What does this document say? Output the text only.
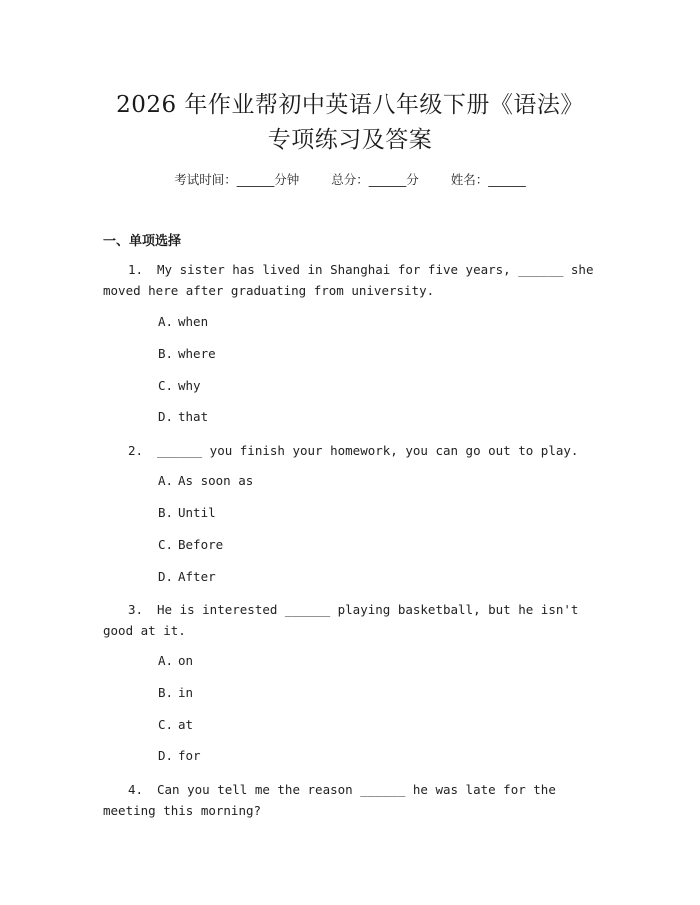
2026 年作业帮初中英语八年级下册《语法》
专项练习及答案
考试时间：______分钟	总分：______分	姓名：______
一、单项选择
1. My sister has lived in Shanghai for five years, ______ she moved here after graduating from university.
A. when
B. where
C. why
D. that
2. ______ you finish your homework, you can go out to play.
A. As soon as
B. Until
C. Before
D. After
3. He is interested ______ playing basketball, but he isn't good at it.
A. on
B. in
C. at
D. for
4. Can you tell me the reason ______ he was late for the meeting this morning?
